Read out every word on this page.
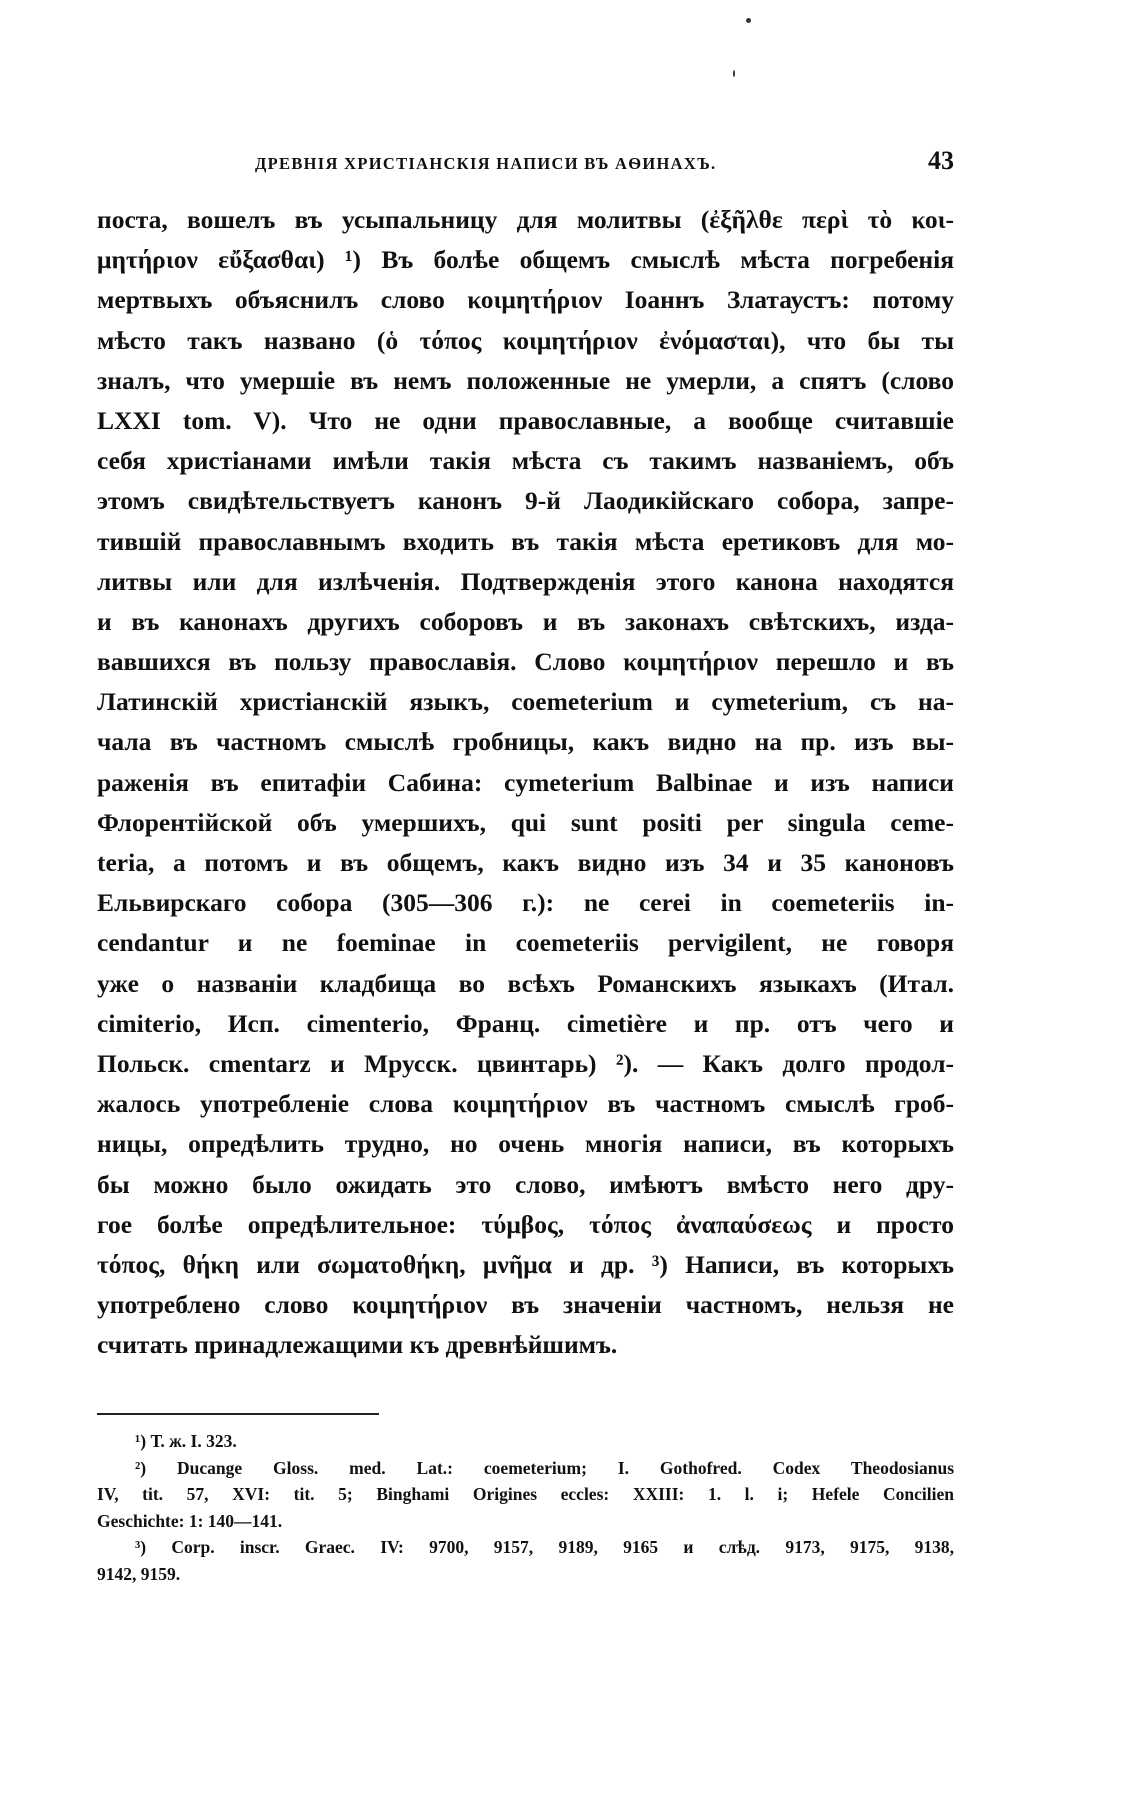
ДРЕВНІЯ ХРИСТІАНСКІЯ НАПИСИ ВЪ АѲИНАХЪ.	43
поста, вошелъ въ усыпальницу для молитвы (ἐξῆλθε περὶ τὸ κοι-
μητήριον εὔξασθαι) ¹) Въ болѣе общемъ смыслѣ мѣста погребенія
мертвыхъ объяснилъ слово κοιμητήριον Іоаннъ Златаустъ: потому
мѣсто такъ названо (ὁ τόπος κοιμητήριον ἐνόμασται), что бы ты
зналъ, что умершіе въ немъ положенные не умерли, а спятъ (слово
LXXI tom. V). Что не одни православные, а вообще считавшіе
себя христіанами имѣли такія мѣста съ такимъ названіемъ, объ
этомъ свидѣтельствуетъ канонъ 9-й Лаодикійскаго собора, запре-
тившій православнымъ входить въ такія мѣста еретиковъ для мо-
литвы или для излѣченія. Подтвержденія этого канона находятся
и въ канонахъ другихъ соборовъ и въ законахъ свѣтскихъ, изда-
вавшихся въ пользу православія. Слово κοιμητήριον перешло и въ
Латинскій христіанскій языкъ, coemeterium и cymeterium, съ на-
чала въ частномъ смыслѣ гробницы, какъ видно на пр. изъ вы-
раженія въ епитафіи Сабина: cymeterium Balbinae и изъ написи
Флорентійской объ умершихъ, qui sunt positi per singula ceme-
teria, а потомъ и въ общемъ, какъ видно изъ 34 и 35 каноновъ
Ельвирскаго собора (305—306 г.): ne cerei in coemeteriis in-
cendantur и ne foeminae in coemeteriis pervigilent, не говоря
уже о названіи кладбища во всѣхъ Романскихъ языкахъ (Итал.
cimiterio, Исп. cimenterio, Франц. cimetière и пр. отъ чего и
Польск. cmentarz и Мрусск. цвинтарь) ²). — Какъ долго продол-
жалось употребленіе слова κοιμητήριον въ частномъ смыслѣ гроб-
ницы, опредѣлить трудно, но очень многія написи, въ которыхъ
бы можно было ожидать это слово, имѣютъ вмѣсто него дру-
гое болѣе опредѣлительное: τύμβος, τόπος ἀναπαύσεως и просто
τόπος, θήκη или σωματοθήκη, μνῆμα и др. ³) Написи, въ которыхъ
употреблено слово κοιμητήριον въ значеніи частномъ, нельзя не
считать принадлежащими къ древнѣйшимъ.
¹) Т. ж. I. 323.
²) Ducange Gloss. med. Lat.: coemeterium; I. Gothofred. Codex Theodosianus
IV, tit. 57, XVI: tit. 5; Binghami Origines eccles: XXIII: 1. l. i; Hefele Concilien
Geschichte: 1: 140—141.
³) Corp. inscr. Graec. IV: 9700, 9157, 9189, 9165 и слѣд. 9173, 9175, 9138,
9142, 9159.
